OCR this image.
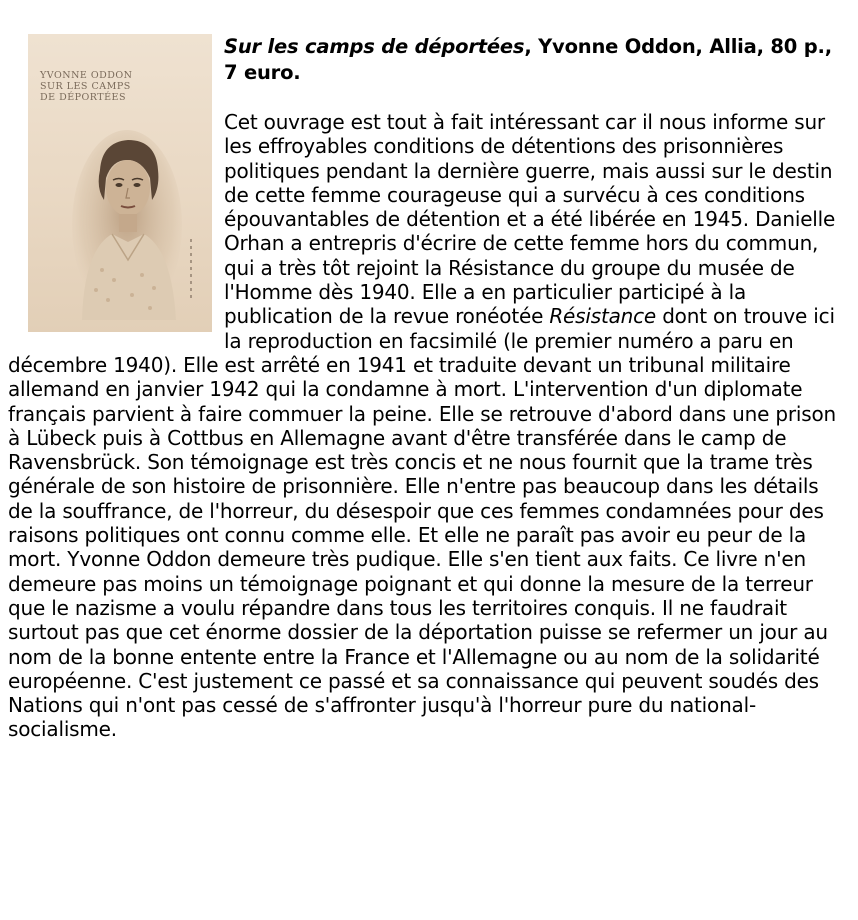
YVONNE ODDON
SUR LES CAMPS
DE DÉPORTÉES

Sur les camps de déportées, Yvonne Oddon, Allia, 80 p., 7 euro.

Cet ouvrage est tout à fait intéressant car il nous informe sur les effroyables conditions de détentions des prisonnières politiques pendant la dernière guerre, mais aussi sur le destin de cette femme courageuse qui a survécu à ces conditions épouvantables de détention et a été libérée en 1945. Danielle Orhan a entrepris d'écrire de cette femme hors du commun, qui a très tôt rejoint la Résistance du groupe du musée de l'Homme dès 1940. Elle a en particulier participé à la publication de la revue ronéotée Résistance dont on trouve ici la reproduction en facsimilé (le premier numéro a paru en décembre 1940). Elle est arrêté en 1941 et traduite devant un tribunal militaire allemand en janvier 1942 qui la condamne à mort. L'intervention d'un diplomate français parvient à faire commuer la peine. Elle se retrouve d'abord dans une prison à Lübeck puis à Cottbus en Allemagne avant d'être transférée dans le camp de Ravensbrück. Son témoignage est très concis et ne nous fournit que la trame très générale de son histoire de prisonnière. Elle n'entre pas beaucoup dans les détails de la souffrance, de l'horreur, du désespoir que ces femmes condamnées pour des raisons politiques ont connu comme elle. Et elle ne paraît pas avoir eu peur de la mort. Yvonne Oddon demeure très pudique. Elle s'en tient aux faits. Ce livre n'en demeure pas moins un témoignage poignant et qui donne la mesure de la terreur que le nazisme a voulu répandre dans tous les territoires conquis. Il ne faudrait surtout pas que cet énorme dossier de la déportation puisse se refermer un jour au nom de la bonne entente entre la France et l'Allemagne ou au nom de la solidarité européenne. C'est justement ce passé et sa connaissance qui peuvent soudés des Nations qui n'ont pas cessé de s'affronter jusqu'à l'horreur pure du national-socialisme.
